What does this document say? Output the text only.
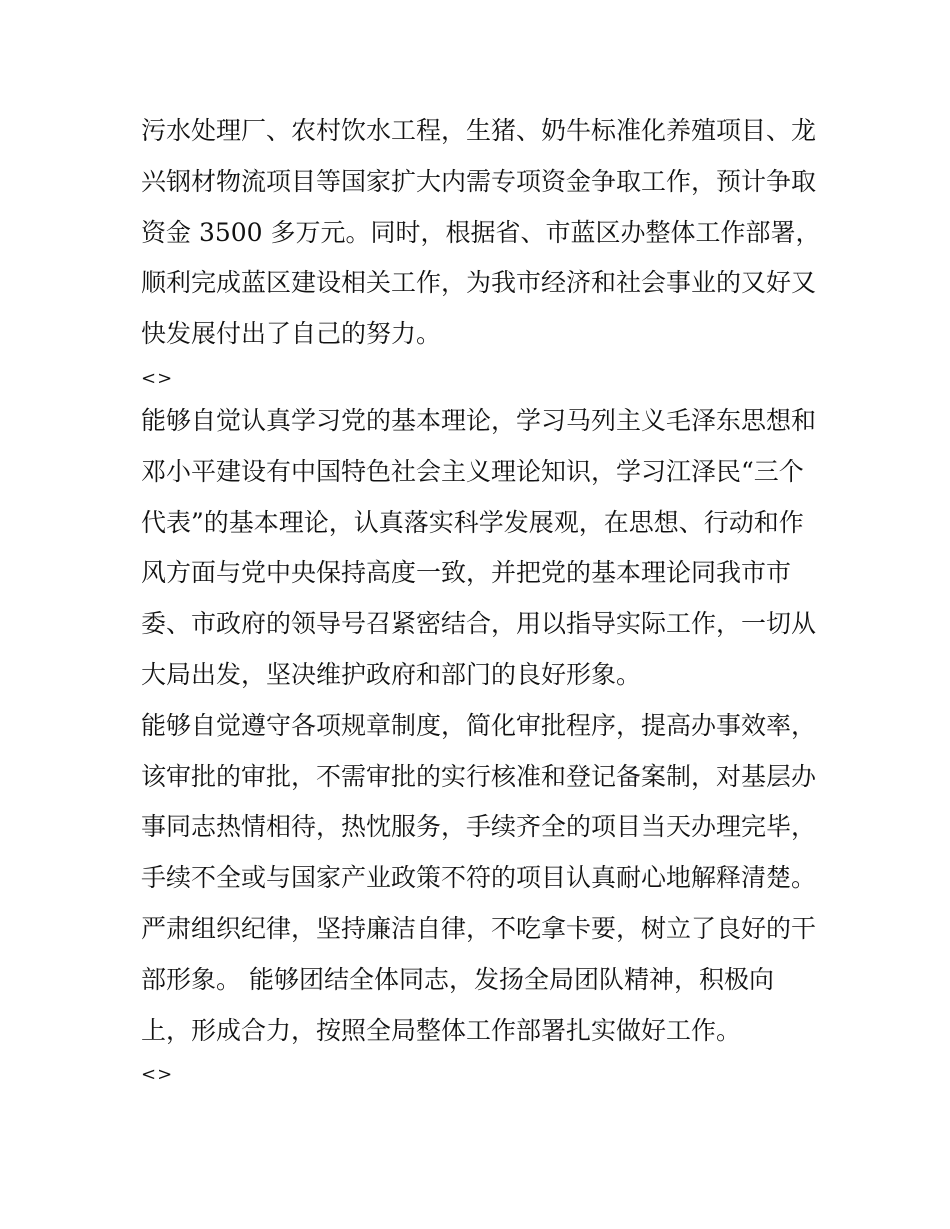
污水处理厂、农村饮水工程，生猪、奶牛标准化养殖项目、龙
兴钢材物流项目等国家扩大内需专项资金争取工作，预计争取
资金 3500 多万元。同时，根据省、市蓝区办整体工作部署，
顺利完成蓝区建设相关工作，为我市经济和社会事业的又好又
快发展付出了自己的努力。
<>
能够自觉认真学习党的基本理论，学习马列主义毛泽东思想和
邓小平建设有中国特色社会主义理论知识，学习江泽民“三个
代表”的基本理论，认真落实科学发展观，在思想、行动和作
风方面与党中央保持高度一致，并把党的基本理论同我市市
委、市政府的领导号召紧密结合，用以指导实际工作，一切从
大局出发，坚决维护政府和部门的良好形象。
能够自觉遵守各项规章制度，简化审批程序，提高办事效率，
该审批的审批，不需审批的实行核准和登记备案制，对基层办
事同志热情相待，热忱服务，手续齐全的项目当天办理完毕，
手续不全或与国家产业政策不符的项目认真耐心地解释清楚。
严肃组织纪律，坚持廉洁自律，不吃拿卡要，树立了良好的干
部形象。 能够团结全体同志，发扬全局团队精神，积极向
上，形成合力，按照全局整体工作部署扎实做好工作。
<>
